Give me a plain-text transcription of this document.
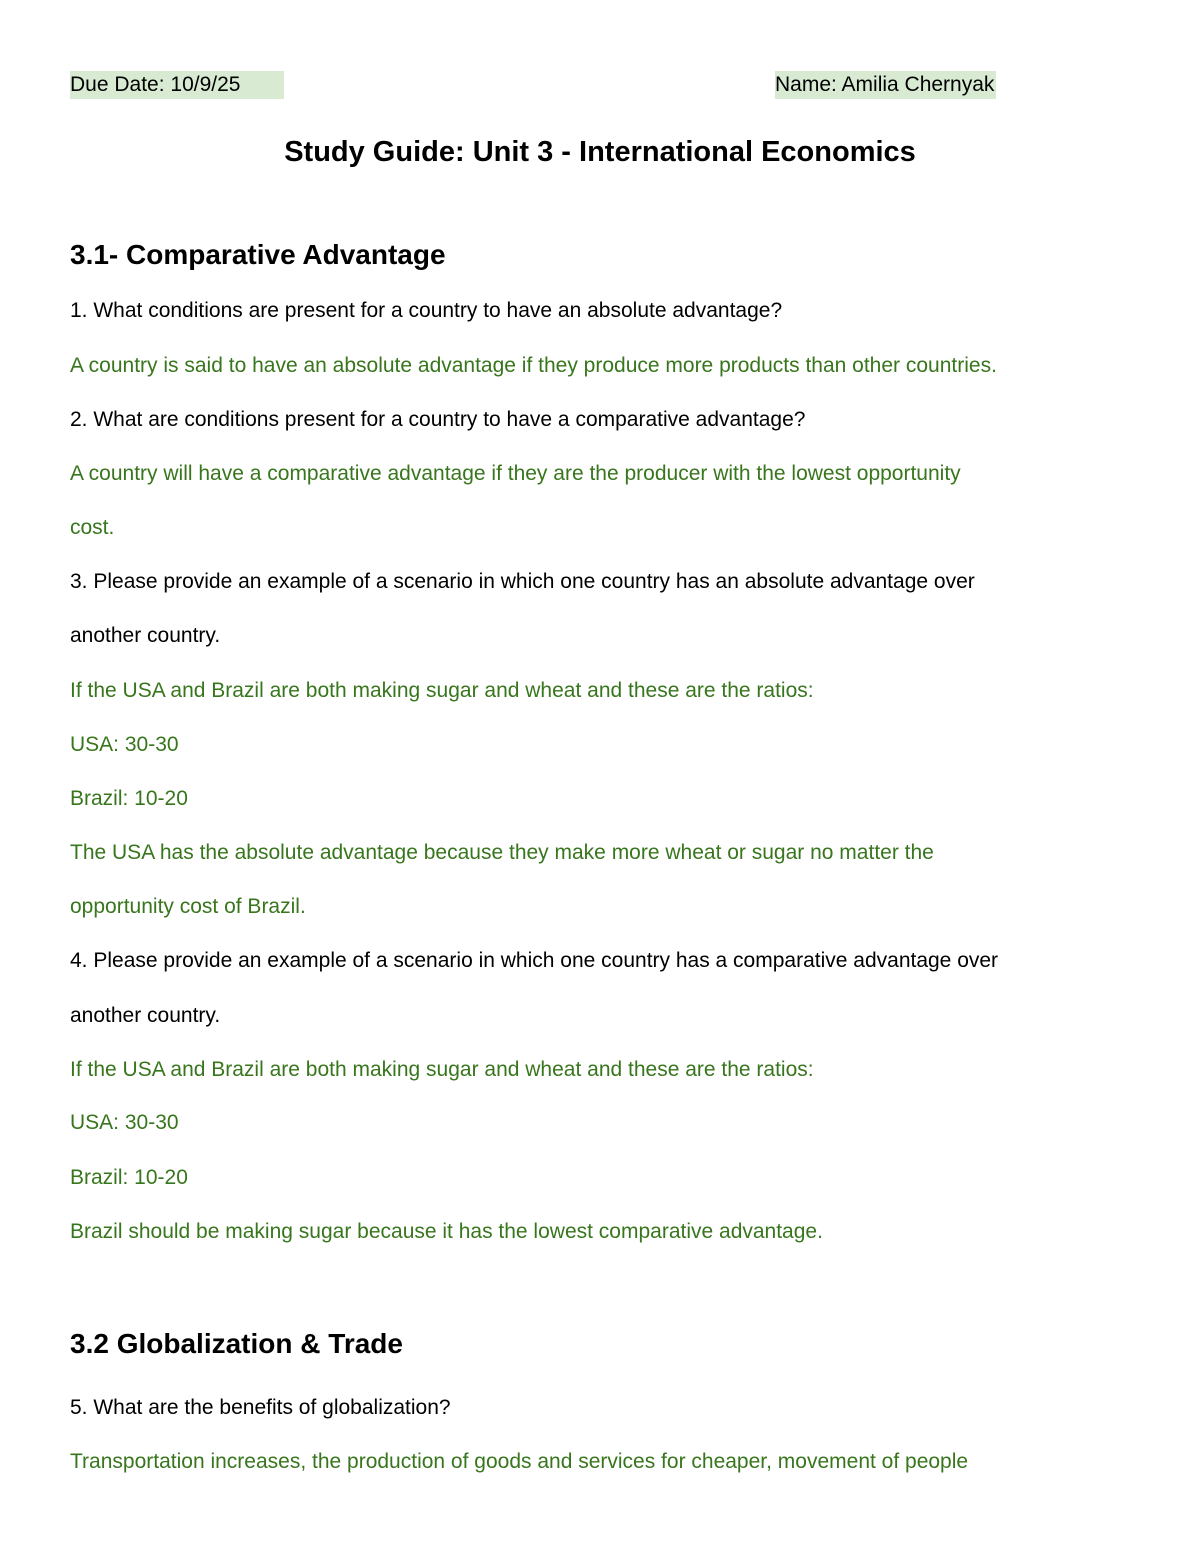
Due Date: 10/9/25	Name: Amilia Chernyak
Study Guide: Unit 3 - International Economics
3.1- Comparative Advantage
1. What conditions are present for a country to have an absolute advantage?
A country is said to have an absolute advantage if they produce more products than other countries.
2. What are conditions present for a country to have a comparative advantage?
A country will have a comparative advantage if they are the producer with the lowest opportunity
cost.
3. Please provide an example of a scenario in which one country has an absolute advantage over
another country.
If the USA and Brazil are both making sugar and wheat and these are the ratios:
USA: 30-30
Brazil: 10-20
The USA has the absolute advantage because they make more wheat or sugar no matter the
opportunity cost of Brazil.
4. Please provide an example of a scenario in which one country has a comparative advantage over
another country.
If the USA and Brazil are both making sugar and wheat and these are the ratios:
USA: 30-30
Brazil: 10-20
Brazil should be making sugar because it has the lowest comparative advantage.
3.2 Globalization & Trade
5. What are the benefits of globalization?
Transportation increases, the production of goods and services for cheaper, movement of people
